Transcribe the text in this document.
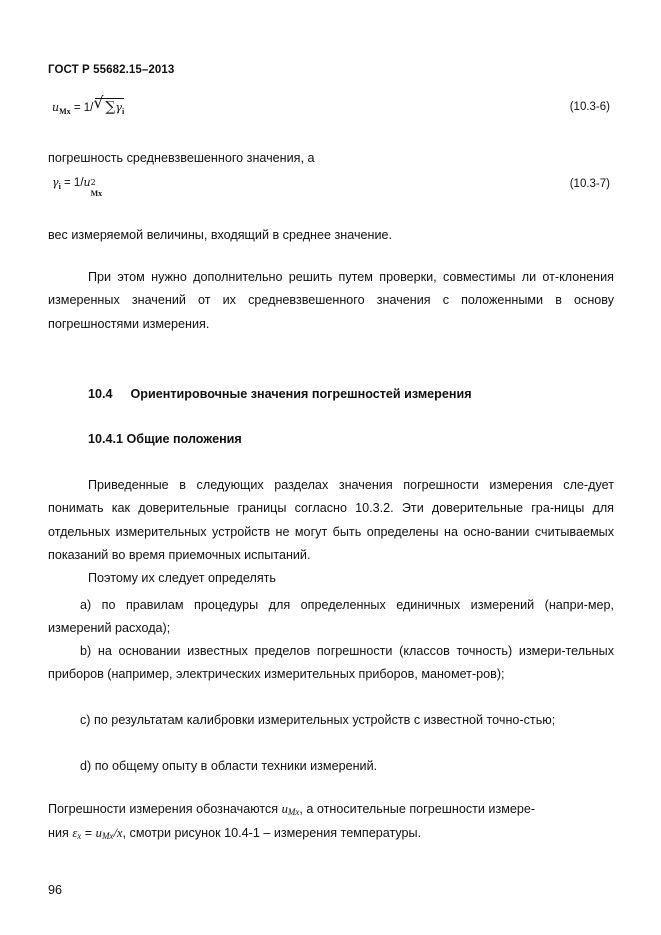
ГОСТ Р 55682.15–2013
$u_{Mx} = 1/$ √ $\sum\gamma_i$	(10.3-6)
погрешность средневзвешенного значения, а
$\gamma_i = 1/u$ 2
Mx
(10.3-7)
вес измеряемой величины, входящий в среднее значение.
При этом нужно дополнительно решить путем проверки, совместимы ли от-клонения измеренных значений от их средневзвешенного значения с положенными в основу погрешностями измерения.
10.4 Ориентировочные значения погрешностей измерения
10.4.1 Общие положения
Приведенные в следующих разделах значения погрешности измерения сле-дует понимать как доверительные границы согласно 10.3.2. Эти доверительные гра-ницы для отдельных измерительных устройств не могут быть определены на осно-вании считываемых показаний во время приемочных испытаний.
Поэтому их следует определять
а) по правилам процедуры для определенных единичных измерений (напри-мер, измерений расхода);
b) на основании известных пределов погрешности (классов точность) измери-тельных приборов (например, электрических измерительных приборов, маномет-ров);
с) по результатам калибровки измерительных устройств с известной точно-стью;
d) по общему опыту в области техники измерений.
Погрешности измерения обозначаются uMx, а относительные погрешности измере-
ния εx = uMx/x, смотри рисунок 10.4-1 – измерения температуры.
96
